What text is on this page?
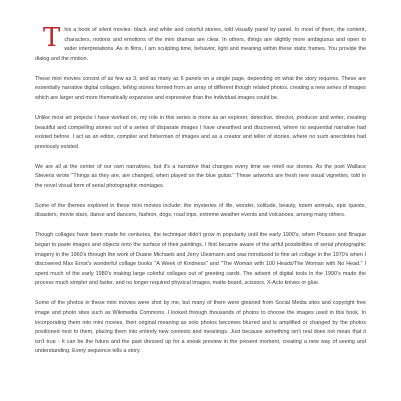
This a book of silent movies: black and white and colorful stories, told visually panel by panel. In most of them, the content, characters, notions and emotions of the mini dramas are clear. In others, things are slightly more ambiguous and open to wider interpretations. As in films, I am sculpting time, behavior, light and meaning within these static frames. You provide the dialog and the motion.

These mini movies consist of as few as 3, and as many as 6 panels on a single page, depending on what the story requires. These are essentially narrative digital collages, telling stories formed from an array of different though related photos, creating a new series of images which are larger and more thematically expansive and expressive than the individual images could be.

Unlike most art projects I have worked on, my role in this series is more as an explorer, detective, director, producer and writer, creating beautiful and compelling stories out of a series of disparate images I have unearthed and discovered, where no sequential narrative had existed before. I act as an editor, compiler and fisherman of images and as a creator and teller of stories, where no such anecdotes had previously existed.

We are all at the center of our own narratives, but it's a narrative that changes every time we retell our stories. As the poet Wallace Stevens wrote "Things as they are, are changed, when played on the blue guitar." These artworks are fresh new visual vignettes, told in the novel visual form of serial photographic montages.

Some of the themes explored in these mini movies include: the mysteries of life, wonder, solitude, beauty, totem animals, epic quests, disasters, movie stars, dance and dancers, fashion, dogs, road trips, extreme weather events and volcanoes, among many others.

Though collages have been made for centuries, the technique didn't grow in popularity until the early 1900's, when Picasso and Braque began to paste images and objects onto the surface of their paintings. I first became aware of the artful possibilities of serial photographic imagery in the 1960's through the work of Duane Michaels and Jerry Ulesmann and was introduced to fine art collage in the 1970's when I discovered Max Ernst's wonderful collage books "A Week of Kindness" and "The Woman with 100 Heads/The Woman with No Head." I spent much of the early 1980's making large colorful collages out of greeting cards. The advent of digital tools in the 1990's made the process much simpler and faster, and no longer required physical images, matte board, scissors, X-Acto knives or glue.

Some of the photos in these mini movies were shot by me, but many of them were gleaned from Social Media sites and copyright free image and photo sites such as Wikimedia Commons. I looked through thousands of photos to choose the images used in this book. In incorporating them into mini movies, their original meaning as solo photos becomes blurred and is amplified or changed by the photos positioned next to them, placing them into entirely new contexts and meanings. Just because something isn't real does not mean that it isn't true - It can be the future and the past dressed up for a sneak preview in the present moment, creating a new way of seeing and understanding. Every sequence tells a story.
